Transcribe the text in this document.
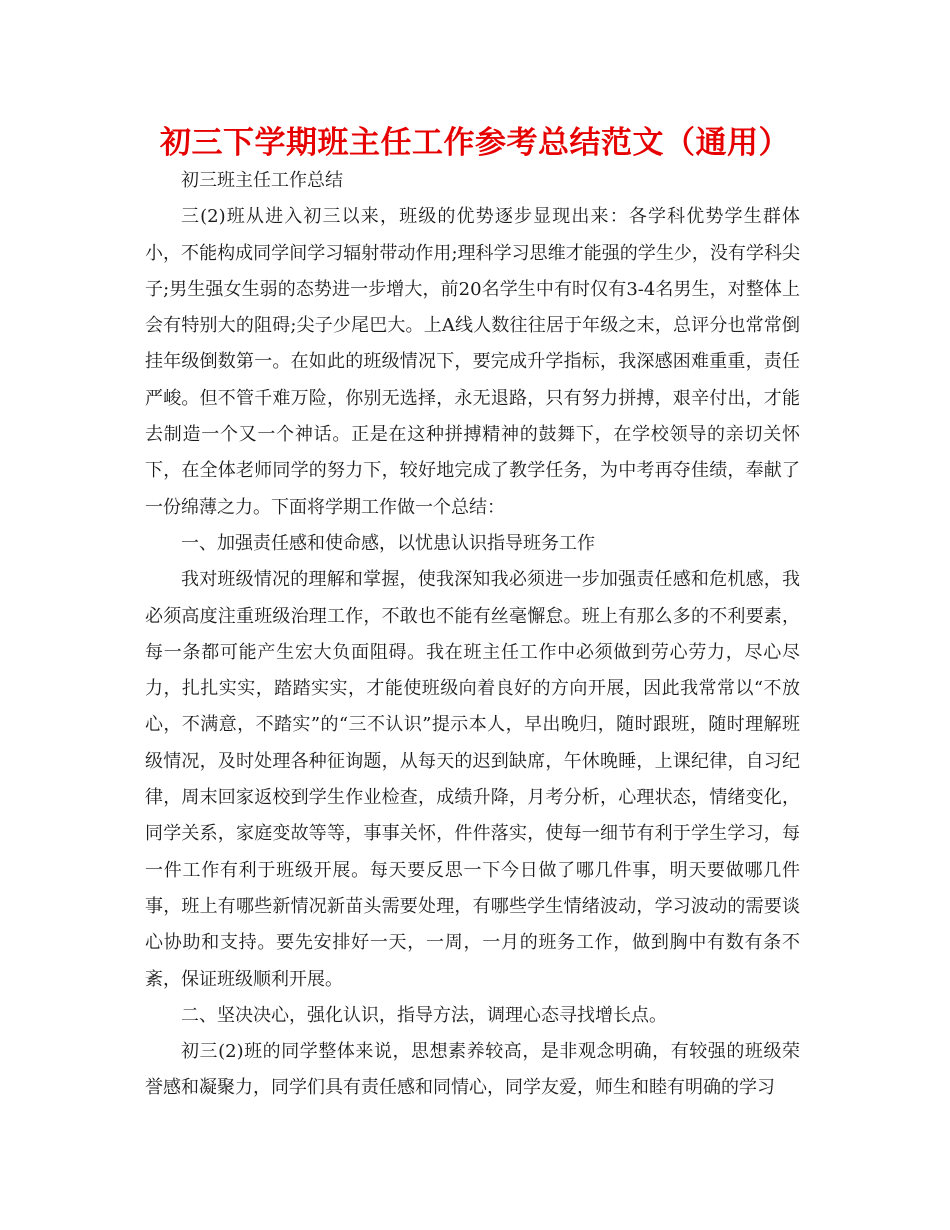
初三下学期班主任工作参考总结范文（通用）

初三班主任工作总结

三(2)班从进入初三以来，班级的优势逐步显现出来：各学科优势学生群体小，不能构成同学间学习辐射带动作用;理科学习思维才能强的学生少，没有学科尖子;男生强女生弱的态势进一步增大，前20名学生中有时仅有3-4名男生，对整体上会有特别大的阻碍;尖子少尾巴大。上A线人数往往居于年级之末，总评分也常常倒挂年级倒数第一。在如此的班级情况下，要完成升学指标，我深感困难重重，责任严峻。但不管千难万险，你别无选择，永无退路，只有努力拼搏，艰辛付出，才能去制造一个又一个神话。正是在这种拼搏精神的鼓舞下，在学校领导的亲切关怀下，在全体老师同学的努力下，较好地完成了教学任务，为中考再夺佳绩，奉献了一份绵薄之力。下面将学期工作做一个总结：

一、加强责任感和使命感，以忧患认识指导班务工作

我对班级情况的理解和掌握，使我深知我必须进一步加强责任感和危机感，我必须高度注重班级治理工作，不敢也不能有丝毫懈怠。班上有那么多的不利要素，每一条都可能产生宏大负面阻碍。我在班主任工作中必须做到劳心劳力，尽心尽力，扎扎实实，踏踏实实，才能使班级向着良好的方向开展，因此我常常以“不放心，不满意，不踏实”的“三不认识”提示本人，早出晚归，随时跟班，随时理解班级情况，及时处理各种征询题，从每天的迟到缺席，午休晚睡，上课纪律，自习纪律，周末回家返校到学生作业检查，成绩升降，月考分析，心理状态，情绪变化，同学关系，家庭变故等等，事事关怀，件件落实，使每一细节有利于学生学习，每一件工作有利于班级开展。每天要反思一下今日做了哪几件事，明天要做哪几件事，班上有哪些新情况新苗头需要处理，有哪些学生情绪波动，学习波动的需要谈心协助和支持。要先安排好一天，一周，一月的班务工作，做到胸中有数有条不紊，保证班级顺利开展。

二、坚决决心，强化认识，指导方法，调理心态寻找增长点。

初三(2)班的同学整体来说，思想素养较高，是非观念明确，有较强的班级荣誉感和凝聚力，同学们具有责任感和同情心，同学友爱，师生和睦有明确的学习
